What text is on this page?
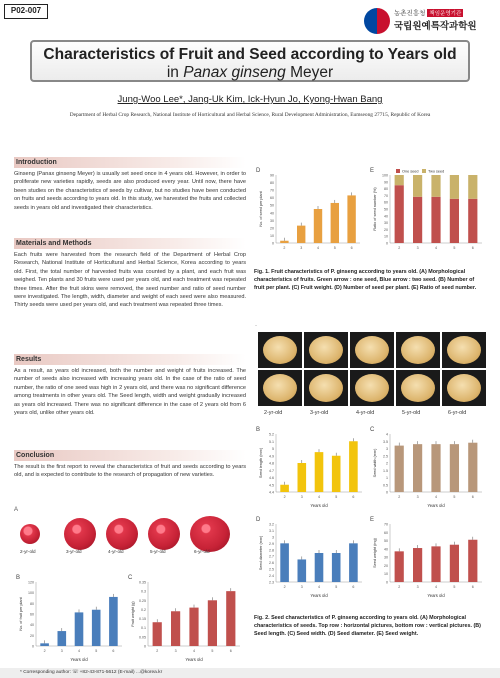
P02-007	농촌진흥청 책임운영기관
국립원예특작과학원
Characteristics of Fruit and Seed according to Years old
in Panax ginseng Meyer
Jung-Woo Lee*, Jang-Uk Kim, Ick-Hyun Jo, Kyong-Hwan Bang
Department of Herbal Crop Research, National Institute of Horticultural and Herbal Science, Rural Development Administration, Eumseong 27715, Republic of Korea
Introduction
Ginseng (Panax ginseng Meyer) is usually set seed once in 4 years old. However, in order to proliferate new varieties rapidly, seeds are also produced every year. Until now, there have been studies on the characteristics of seeds by cultivar, but no studies have been conducted on fruits and seeds according to years old. In this study, we harvested the fruits and collected seeds in years old and investigated their characteristics.
Materials and Methods
Each fruits were harvested from the research field of the Department of Herbal Crop Research, National Institute of Horticultural and Herbal Science, Korea according to years old. First, the total number of harvested fruits was counted by a plant, and each fruit was weighed. Ten plants and 30 fruits were used per years old, and each treatment was repeated three times. After the fruit skins were removed, the seed number and ratio of seed number were investigated. The length, width, diameter and weight of each seed were also measured. Thirty seeds were used per years old, and each treatment was repeated three times.
Results
As a result, as years old increased, both the number and weight of fruits increased. The number of seeds also increased with increasing years old. In the case of the ratio of seed number, the ratio of one seed was high in 2 years old, and there was no significant difference among treatments in other years old. The Seed length, width and weight gradually increased as years old increased. There was no significant difference in the case of 2 years old from 6 years old, unlike other years old.
Conclusion
The result is the first report to reveal the characteristics of fruit and seeds according to years old, and is expected to contribute to the research of propagation of new varieties.
A
2-yr-old	3-yr-old	4-yr-old	5-yr-old	6-yr-old
B
0
20
40
60
80
100
120
No. of fruit per plant
Years old
2	3	4	5	6
C
0
0.05
0.1
0.15
0.2
0.25
0.3
0.35
Fruit weight (g)
Years old
2	3	4	5	6
D
0
10
20
30
40
50
60
70
80
90
No. of seed per plant
2	3	4	5	6
E
0
10
20
30
40
50
60
70
80
90
100
Ratio of seed number (%)
2	3	4	5	6
One seed	Two seed
Fig. 1. Fruit characteristics of P. ginseng according to years old. (A) Morphological characteristics of fruits. Green arrow : one seed, Blue arrow : two seed. (B) Number of fruit per plant. (C) Fruit weight. (D) Number of seed per plant. (E) Ratio of seed number.
2-yr-old	3-yr-old	4-yr-old	5-yr-old	6-yr-old
B
4.4
4.5
4.6
4.7
4.8
4.9
5
5.1
5.2
Seed length (mm)
Years old
2	3	4	5	6
C
0
0.5
1
1.5
2
2.5
3
3.5
4
Seed width (mm)
Years old
2	3	4	5	6
D
2.3
2.4
2.5
2.6
2.7
2.8
2.9
3
3.1
3.2
Seed diameter (mm)
Years old
2	3	4	5	6
E
0
10
20
30
40
50
60
70
Seed weight (mg)
Years old
2	3	4	5	6
Fig. 2. Seed characteristics of P. ginseng according to years old. (A) Morphological characteristics of seeds. Top row : horizontal pictures, bottom row : vertical pictures. (B) Seed length. (C) Seed width. (D) Seed diameter. (E) Seed weight.
* Corresponding author: ☏ +82-43-871-5612 (E-mail) ...@korea.kr
